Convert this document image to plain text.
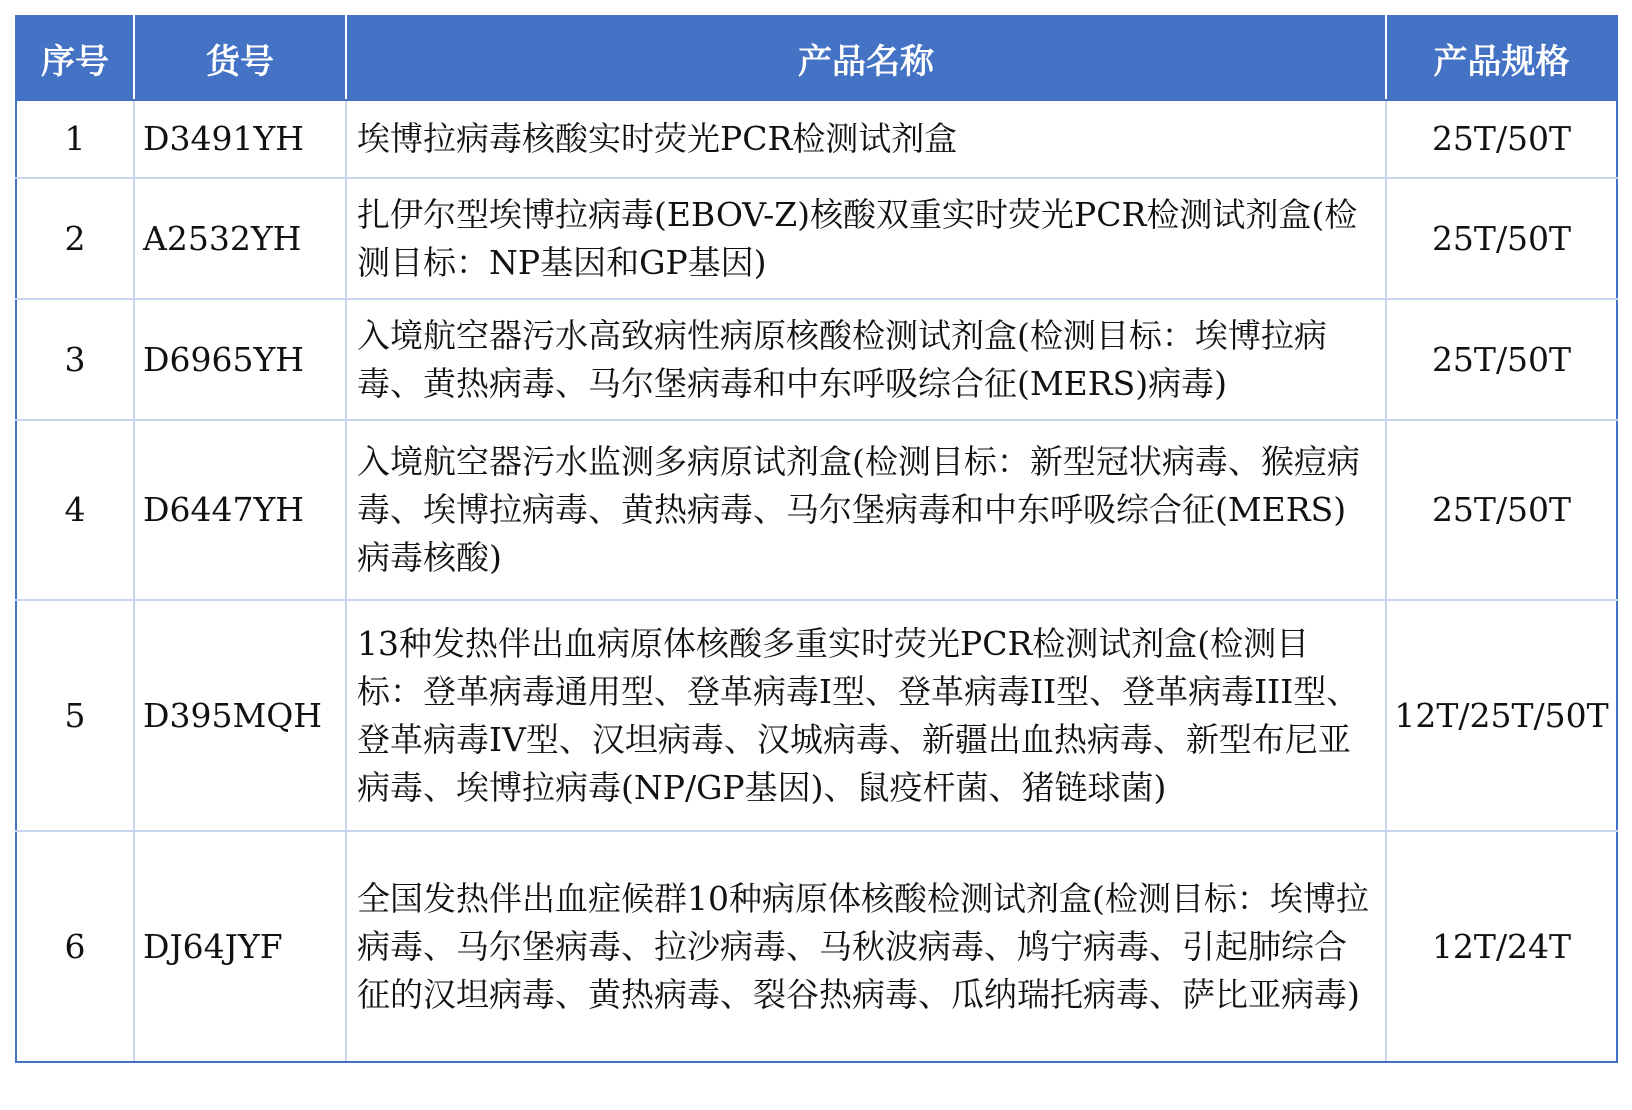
序号	货号	产品名称	产品规格
1	D3491YH	埃博拉病毒核酸实时荧光PCR检测试剂盒	25T/50T
2	A2532YH	扎伊尔型埃博拉病毒(EBOV-Z)核酸双重实时荧光PCR检测试剂盒(检测目标：NP基因和GP基因)	25T/50T
3	D6965YH	入境航空器污水高致病性病原核酸检测试剂盒(检测目标：埃博拉病毒、黄热病毒、马尔堡病毒和中东呼吸综合征(MERS)病毒)	25T/50T
4	D6447YH	入境航空器污水监测多病原试剂盒(检测目标：新型冠状病毒、猴痘病毒、埃博拉病毒、黄热病毒、马尔堡病毒和中东呼吸综合征(MERS)病毒核酸)	25T/50T
5	D395MQH	13种发热伴出血病原体核酸多重实时荧光PCR检测试剂盒(检测目标：登革病毒通用型、登革病毒I型、登革病毒II型、登革病毒III型、登革病毒IV型、汉坦病毒、汉城病毒、新疆出血热病毒、新型布尼亚病毒、埃博拉病毒(NP/GP基因)、鼠疫杆菌、猪链球菌)	12T/25T/50T
6	DJ64JYF	全国发热伴出血症候群10种病原体核酸检测试剂盒(检测目标：埃博拉病毒、马尔堡病毒、拉沙病毒、马秋波病毒、鸠宁病毒、引起肺综合征的汉坦病毒、黄热病毒、裂谷热病毒、瓜纳瑞托病毒、萨比亚病毒)	12T/24T
